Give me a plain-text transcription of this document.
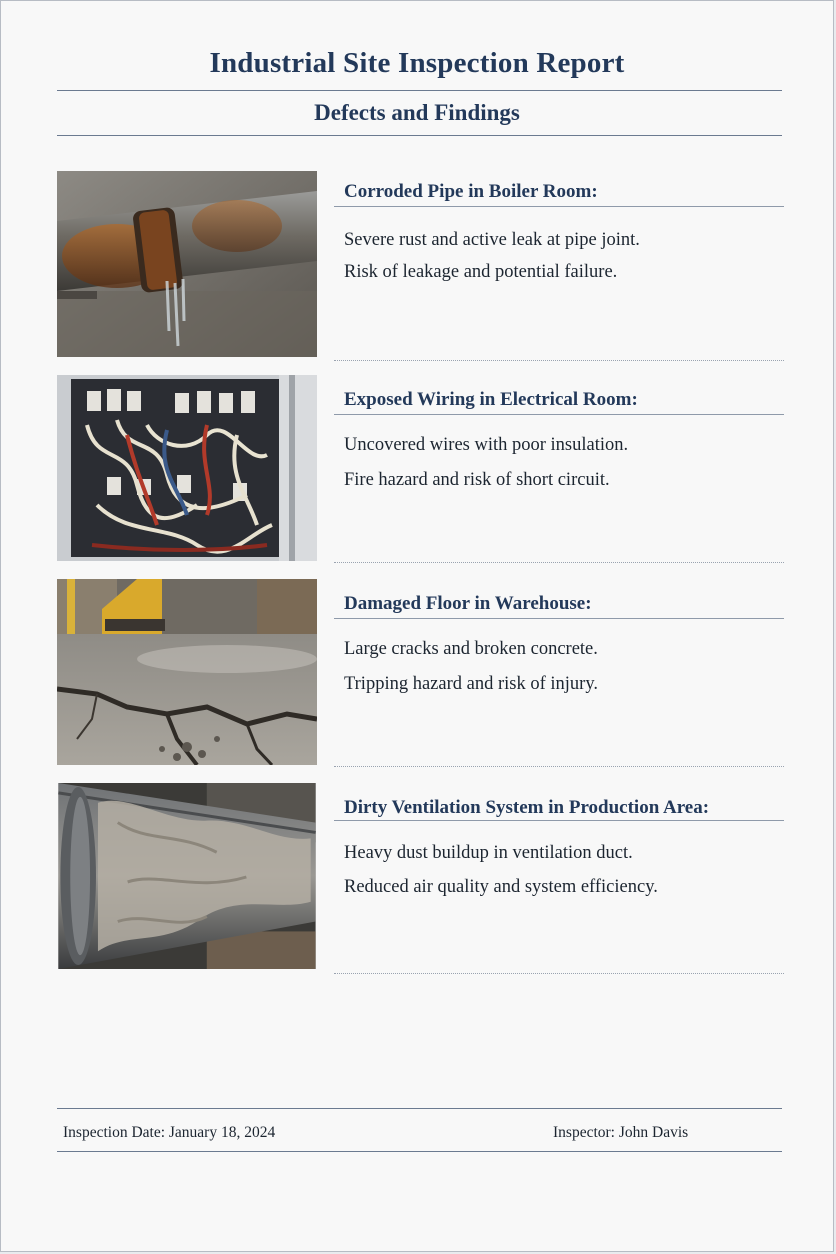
Industrial Site Inspection Report
Defects and Findings
Corroded Pipe in Boiler Room:
Severe rust and active leak at pipe joint.
Risk of leakage and potential failure.
Exposed Wiring in Electrical Room:
Uncovered wires with poor insulation.
Fire hazard and risk of short circuit.
Damaged Floor in Warehouse:
Large cracks and broken concrete.
Tripping hazard and risk of injury.
Dirty Ventilation System in Production Area:
Heavy dust buildup in ventilation duct.
Reduced air quality and system efficiency.
Inspection Date: January 18, 2024	Inspector: John Davis
